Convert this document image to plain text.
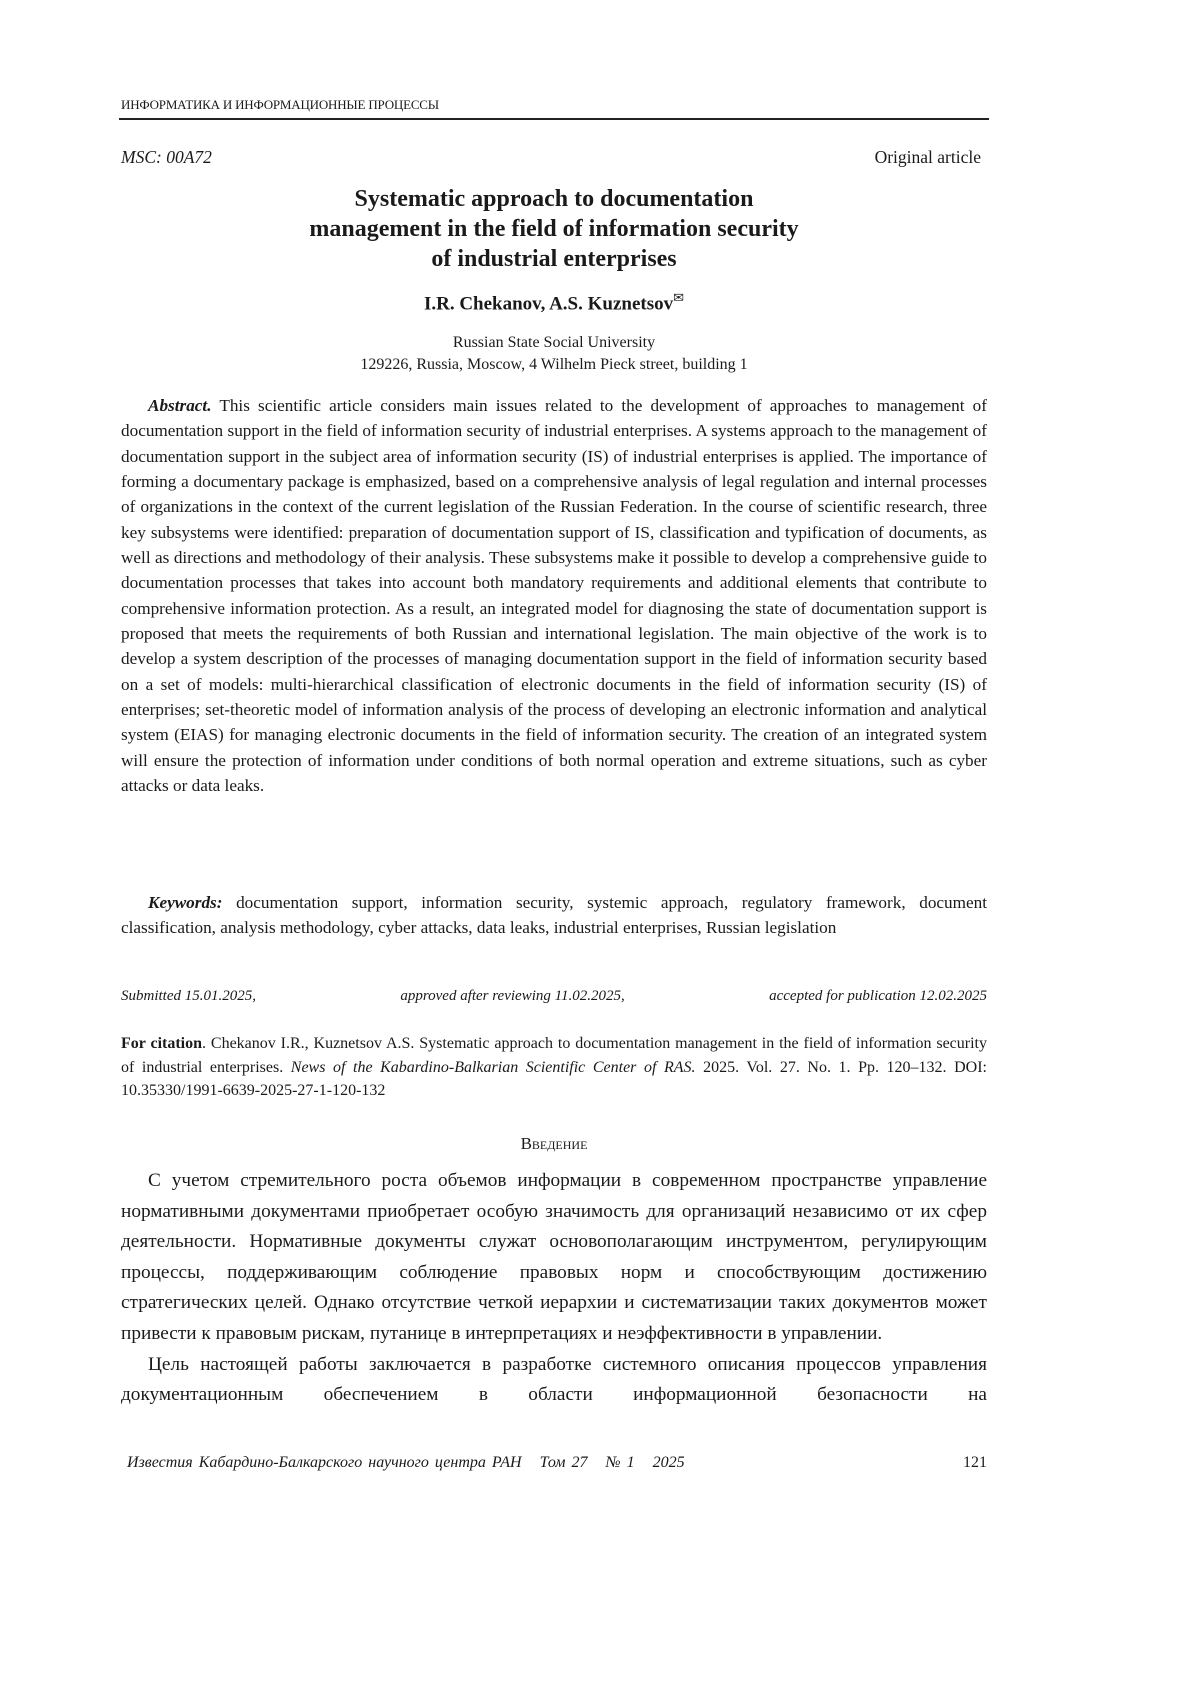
ИНФОРМАТИКА И ИНФОРМАЦИОННЫЕ ПРОЦЕССЫ
MSC: 00A72	Original article
Systematic approach to documentation
management in the field of information security
of industrial enterprises
I.R. Chekanov, A.S. Kuznetsov✉
Russian State Social University
129226, Russia, Moscow, 4 Wilhelm Pieck street, building 1
Abstract. This scientific article considers main issues related to the development of approaches to management of documentation support in the field of information security of industrial enterprises. A systems approach to the management of documentation support in the subject area of information security (IS) of industrial enterprises is applied. The importance of forming a documentary package is emphasized, based on a comprehensive analysis of legal regulation and internal processes of organizations in the context of the current legislation of the Russian Federation. In the course of scientific research, three key subsystems were identified: preparation of documentation support of IS, classification and typification of documents, as well as directions and methodology of their analysis. These subsystems make it possible to develop a comprehensive guide to documentation processes that takes into account both mandatory requirements and additional elements that contribute to comprehensive information protection. As a result, an integrated model for diagnosing the state of documentation support is proposed that meets the requirements of both Russian and international legislation. The main objective of the work is to develop a system description of the processes of managing documentation support in the field of information security based on a set of models: multi-hierarchical classification of electronic documents in the field of information security (IS) of enterprises; set-theoretic model of information analysis of the process of developing an electronic information and analytical system (EIAS) for managing electronic documents in the field of information security. The creation of an integrated system will ensure the protection of information under conditions of both normal operation and extreme situations, such as cyber attacks or data leaks.
Keywords: documentation support, information security, systemic approach, regulatory framework, document classification, analysis methodology, cyber attacks, data leaks, industrial enterprises, Russian legislation
Submitted 15.01.2025,	approved after reviewing 11.02.2025,	accepted for publication 12.02.2025
For citation. Chekanov I.R., Kuznetsov A.S. Systematic approach to documentation management in the field of information security of industrial enterprises. News of the Kabardino-Balkarian Scientific Center of RAS. 2025. Vol. 27. No. 1. Pp. 120–132. DOI: 10.35330/1991-6639-2025-27-1-120-132
Введение

С учетом стремительного роста объемов информации в современном пространстве управление нормативными документами приобретает особую значимость для организаций независимо от их сфер деятельности. Нормативные документы служат основополагающим инструментом, регулирующим процессы, поддерживающим соблюдение правовых норм и способствующим достижению стратегических целей. Однако отсутствие четкой иерархии и систематизации таких документов может привести к правовым рискам, путанице в интерпретациях и неэффективности в управлении.

Цель настоящей работы заключается в разработке системного описания процессов управления документационным обеспечением в области информационной безопасности на

Известия Кабардино-Балкарского научного центра РАН   Том 27   № 1   2025	121
